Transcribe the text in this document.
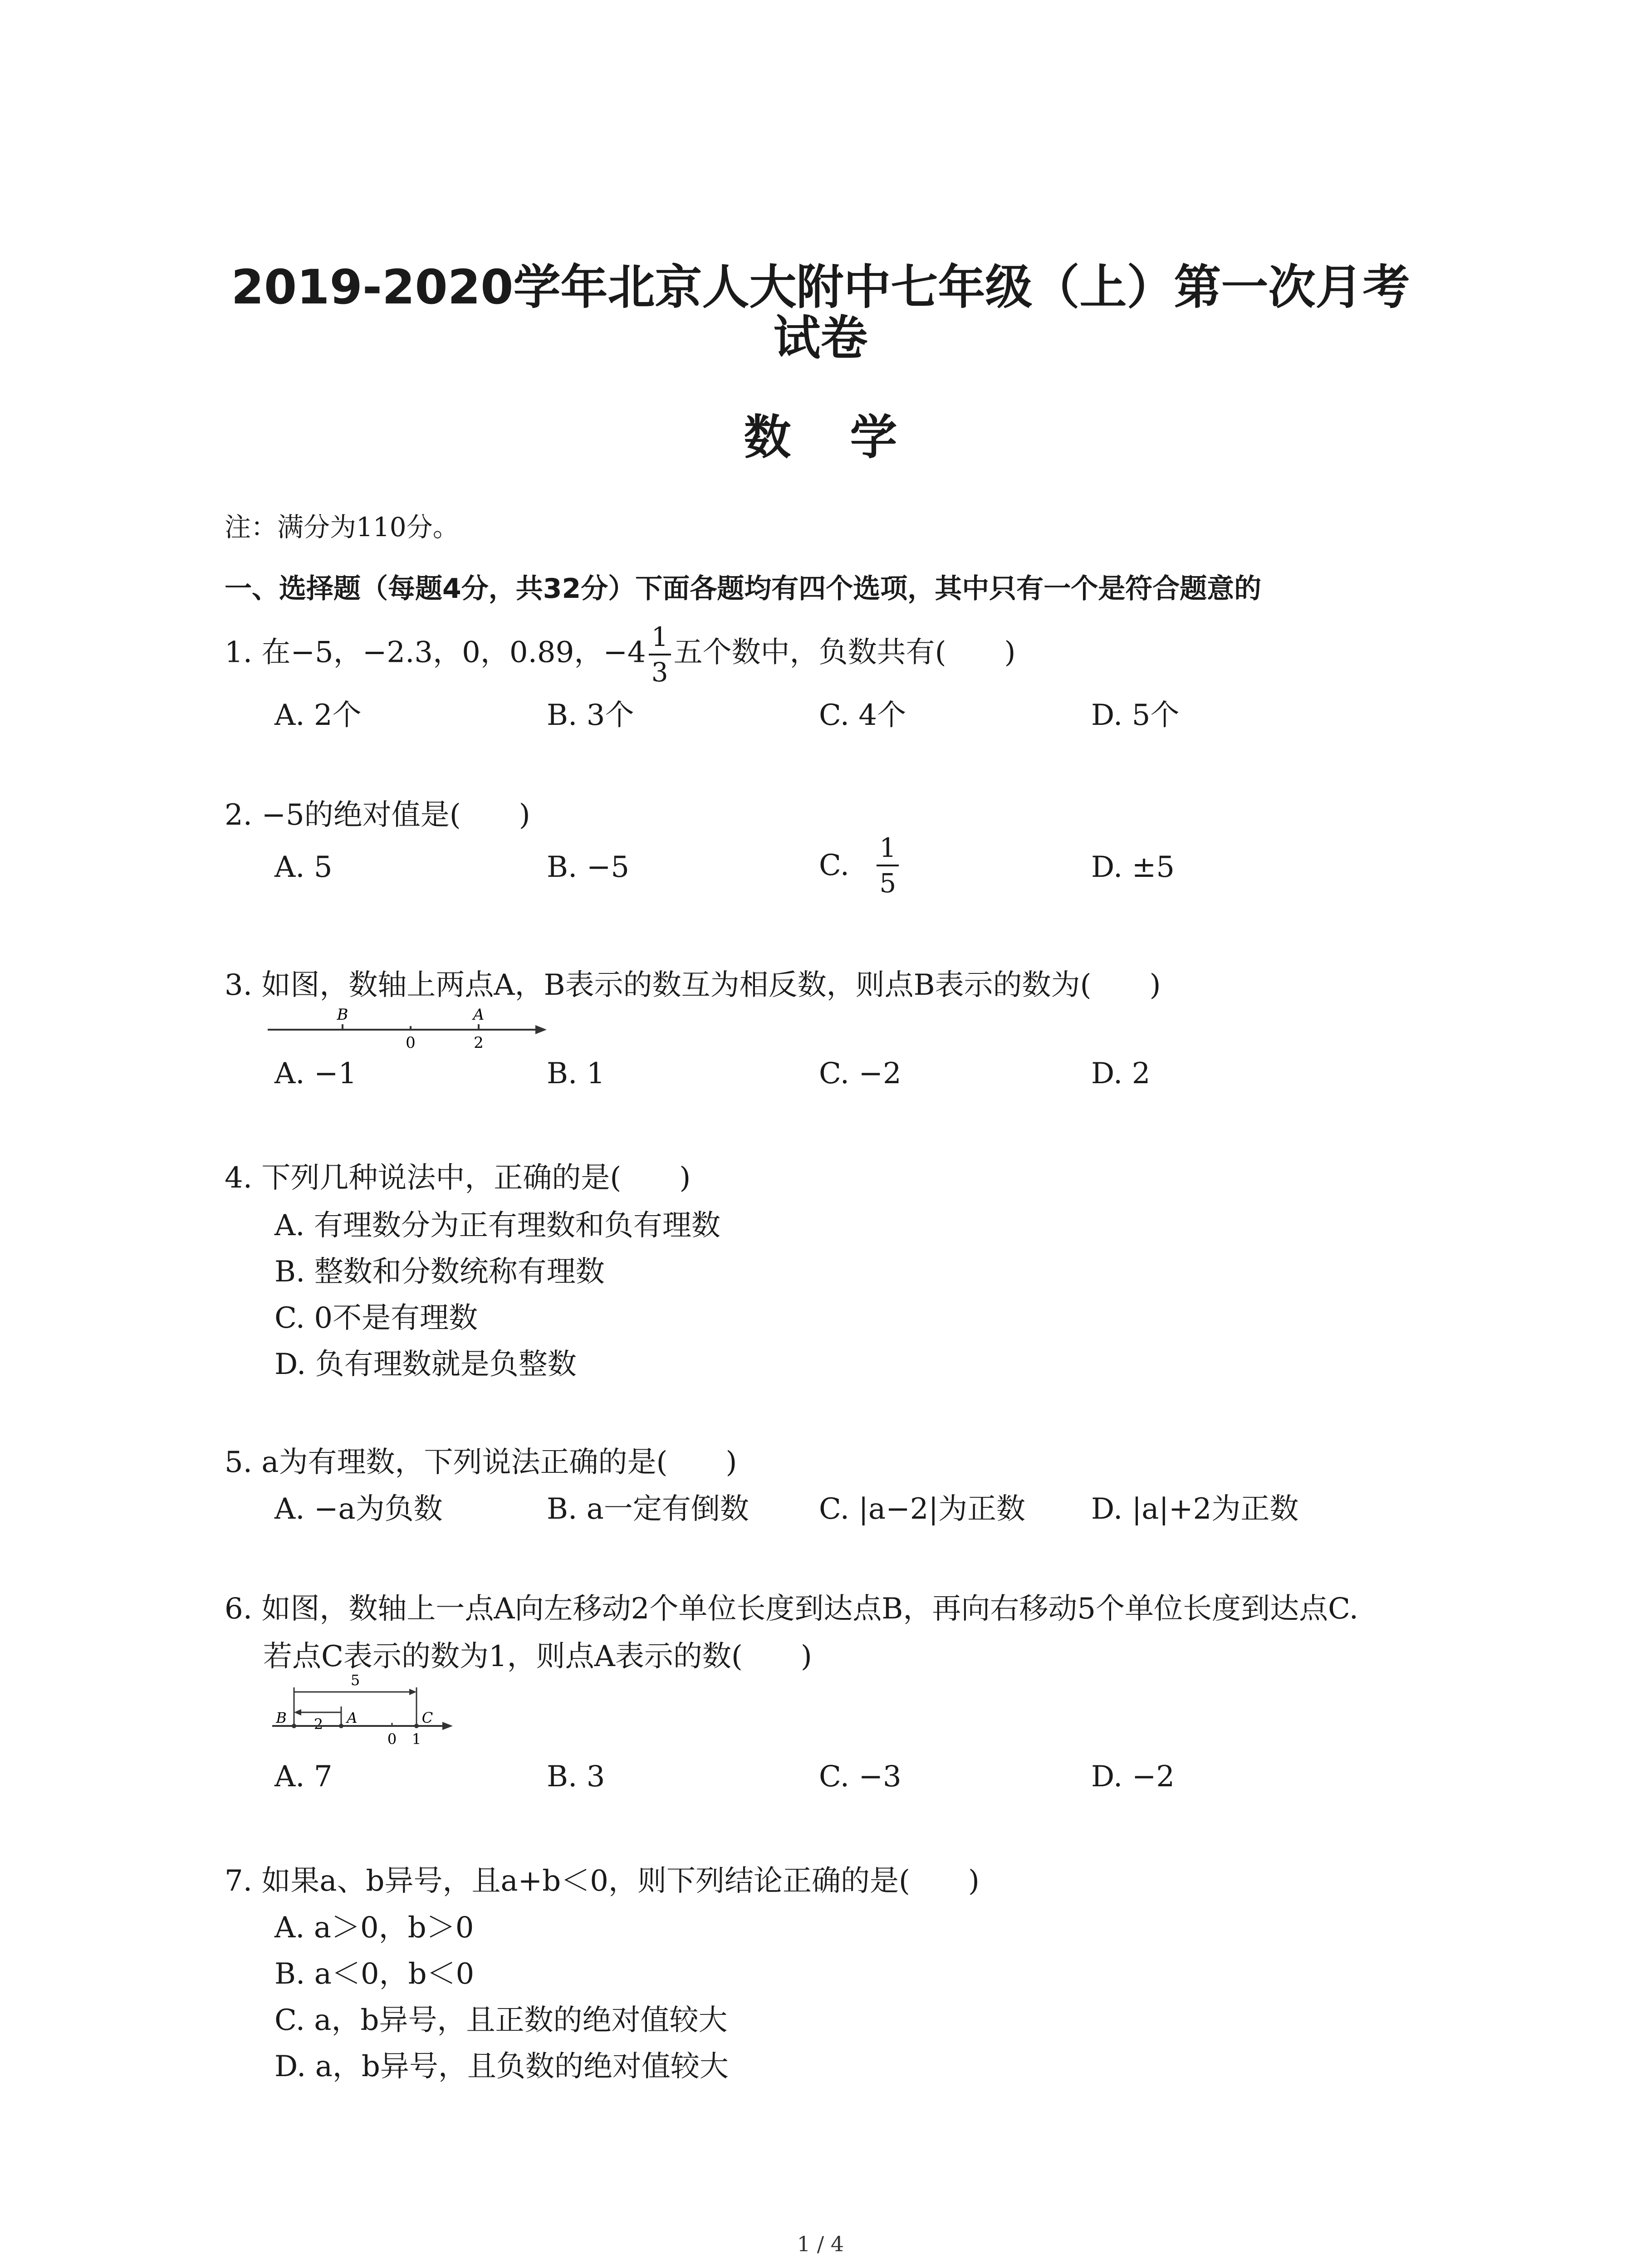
2019-2020学年北京人大附中七年级（上）第一次月考
试卷
数学
注：满分为110分。
一、选择题（每题4分，共32分）下面各题均有四个选项，其中只有一个是符合题意的
1. 在−5，−2.3，0，0.89，$-4 \frac{1}{3}$ 五个数中，负数共有(　　)
A. 2个	B. 3个	C. 4个	D. 5个
2. −5的绝对值是(　　)
A. 5	B. −5	C. $\frac{1}{5}$	D. ±5
3. 如图，数轴上两点A，B表示的数互为相反数，则点B表示的数为(　　)
B	A
0	2
A. −1	B. 1	C. −2	D. 2
4. 下列几种说法中，正确的是(　　)
A. 有理数分为正有理数和负有理数
B. 整数和分数统称有理数
C. 0不是有理数
D. 负有理数就是负整数
5. a为有理数，下列说法正确的是(　　)
A. −a为负数	B. a一定有倒数 C. |a−2|为正数 D. |a|+2为正数
6. 如图，数轴上一点A向左移动2个单位长度到达点B，再向右移动5个单位长度到达点C.
若点C表示的数为1，则点A表示的数(　　)
5
2
B	A	C
0 1
A. 7	B. 3	C. −3	D. −2
7. 如果a、b异号，且a+b＜0，则下列结论正确的是(　　)
A. a＞0，b＞0
B. a＜0，b＜0
C. a，b异号，且正数的绝对值较大
D. a，b异号，且负数的绝对值较大
1 / 4
